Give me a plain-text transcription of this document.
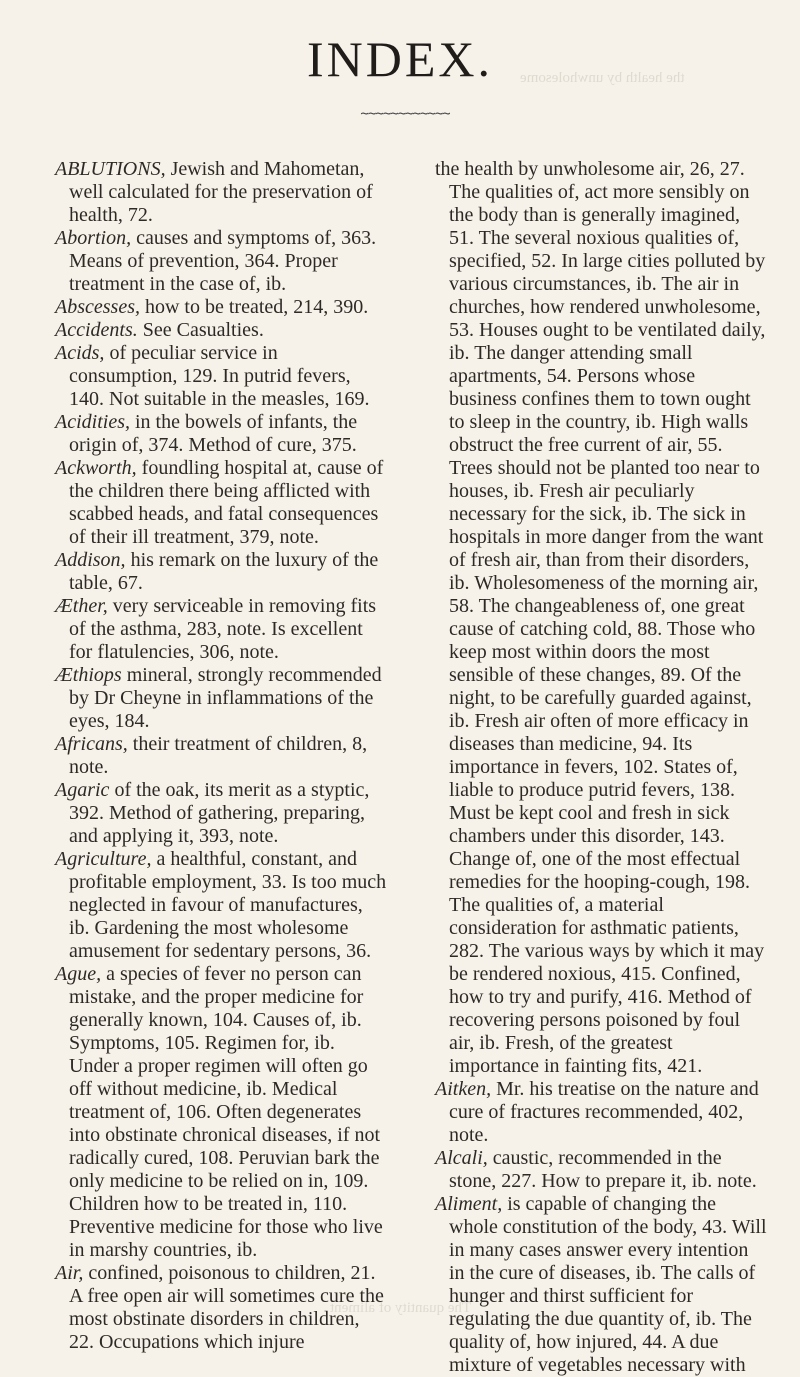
the health by unwholesome
The quantity of aliment
INDEX.
~~~~~~~~~~~~

ABLUTIONS, Jewish and Mahometan, well calculated for the preservation of health, 72.

Abortion, causes and symptoms of, 363. Means of prevention, 364. Proper treatment in the case of, ib.

Abscesses, how to be treated, 214, 390.

Accidents. See Casualties.

Acids, of peculiar service in consumption, 129. In putrid fevers, 140. Not suitable in the measles, 169.

Acidities, in the bowels of infants, the origin of, 374. Method of cure, 375.

Ackworth, foundling hospital at, cause of the children there being afflicted with scabbed heads, and fatal consequences of their ill treatment, 379, note.

Addison, his remark on the luxury of the table, 67.

Æther, very serviceable in removing fits of the asthma, 283, note. Is excellent for flatulencies, 306, note.

Æthiops mineral, strongly recommended by Dr Cheyne in inflammations of the eyes, 184.

Africans, their treatment of children, 8, note.

Agaric of the oak, its merit as a styptic, 392. Method of gathering, preparing, and applying it, 393, note.

Agriculture, a healthful, constant, and profitable employment, 33. Is too much neglected in favour of manufactures, ib. Gardening the most wholesome amusement for sedentary persons, 36.

Ague, a species of fever no person can mistake, and the proper medicine for generally known, 104. Causes of, ib. Symptoms, 105. Regimen for, ib. Under a proper regimen will often go off without medicine, ib. Medical treatment of, 106. Often degenerates into obstinate chronical diseases, if not radically cured, 108. Peruvian bark the only medicine to be relied on in, 109. Children how to be treated in, 110. Preventive medicine for those who live in marshy countries, ib.

Air, confined, poisonous to children, 21. A free open air will sometimes cure the most obstinate disorders in children, 22. Occupations which injure

the health by unwholesome air, 26, 27. The qualities of, act more sensibly on the body than is generally imagined, 51. The several noxious qualities of, specified, 52. In large cities polluted by various circumstances, ib. The air in churches, how rendered unwholesome, 53. Houses ought to be ventilated daily, ib. The danger attending small apartments, 54. Persons whose business confines them to town ought to sleep in the country, ib. High walls obstruct the free current of air, 55. Trees should not be planted too near to houses, ib. Fresh air peculiarly necessary for the sick, ib. The sick in hospitals in more danger from the want of fresh air, than from their disorders, ib. Wholesomeness of the morning air, 58. The changeableness of, one great cause of catching cold, 88. Those who keep most within doors the most sensible of these changes, 89. Of the night, to be carefully guarded against, ib. Fresh air often of more efficacy in diseases than medicine, 94. Its importance in fevers, 102. States of, liable to produce putrid fevers, 138. Must be kept cool and fresh in sick chambers under this disorder, 143. Change of, one of the most effectual remedies for the hooping-cough, 198. The qualities of, a material consideration for asthmatic patients, 282. The various ways by which it may be rendered noxious, 415. Confined, how to try and purify, 416. Method of recovering persons poisoned by foul air, ib. Fresh, of the greatest importance in fainting fits, 421.

Aitken, Mr. his treatise on the nature and cure of fractures recommended, 402, note.

Alcali, caustic, recommended in the stone, 227. How to prepare it, ib. note.

Aliment, is capable of changing the whole constitution of the body, 43. Will in many cases answer every intention in the cure of diseases, ib. The calls of hunger and thirst sufficient for regulating the due quantity of, ib. The quality of, how injured, 44. A due mixture of vegetables necessary with
